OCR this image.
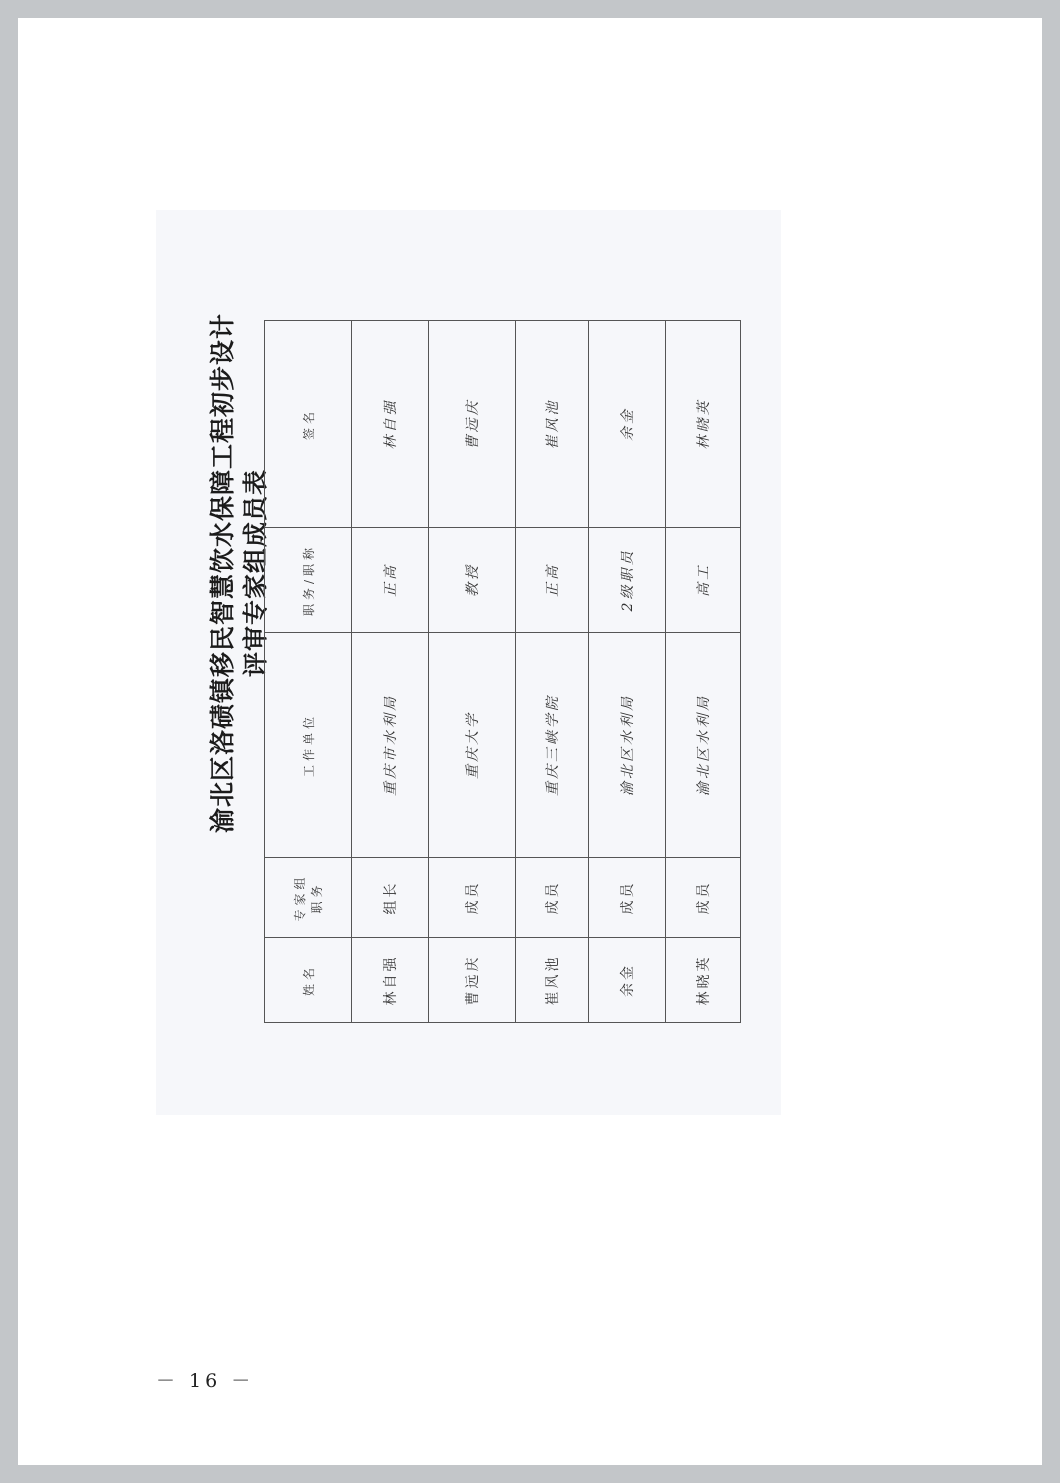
渝北区洛碛镇移民智慧饮水保障工程初步设计 评审专家组成员表
姓名	专家组 职务	工作单位	职务/职称	签名
林自强	组长	重庆市水利局	正高	林自强
曹远庆	成员	重庆大学	教授	曹远庆
崔风池	成员	重庆三峡学院	正高	崔风池
余金	成员	渝北区水利局	2级职员	余金
林晓英	成员	渝北区水利局	高工	林晓英
－ 16 －
